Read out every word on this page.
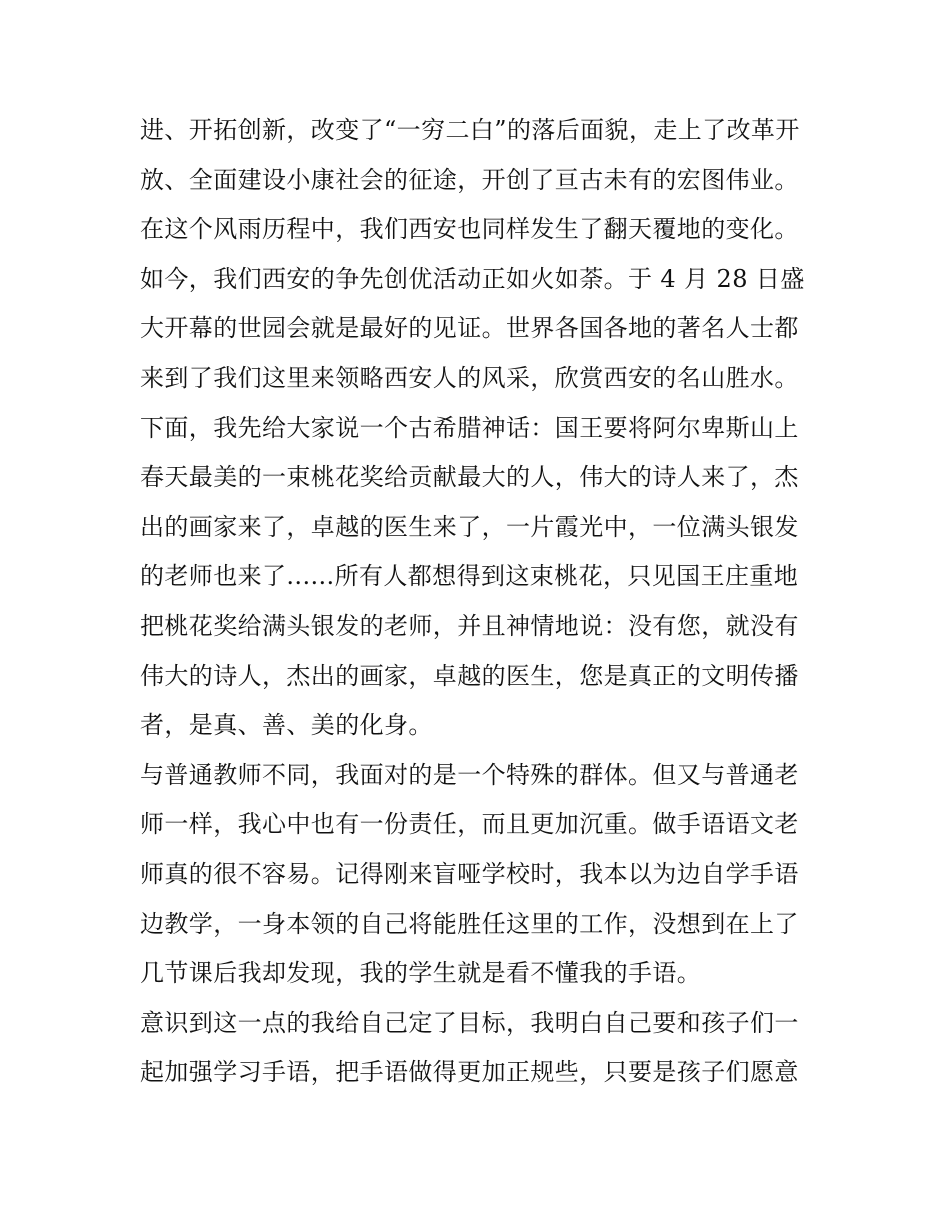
进、开拓创新，改变了“一穷二白”的落后面貌，走上了改革开
放、全面建设小康社会的征途，开创了亘古未有的宏图伟业。
在这个风雨历程中，我们西安也同样发生了翻天覆地的变化。
如今，我们西安的争先创优活动正如火如荼。于 4 月 28 日盛
大开幕的世园会就是最好的见证。世界各国各地的著名人士都
来到了我们这里来领略西安人的风采，欣赏西安的名山胜水。
下面，我先给大家说一个古希腊神话：国王要将阿尔卑斯山上
春天最美的一束桃花奖给贡献最大的人，伟大的诗人来了，杰
出的画家来了，卓越的医生来了，一片霞光中，一位满头银发
的老师也来了......所有人都想得到这束桃花，只见国王庄重地
把桃花奖给满头银发的老师，并且神情地说：没有您，就没有
伟大的诗人，杰出的画家，卓越的医生，您是真正的文明传播
者，是真、善、美的化身。
与普通教师不同，我面对的是一个特殊的群体。但又与普通老
师一样，我心中也有一份责任，而且更加沉重。做手语语文老
师真的很不容易。记得刚来盲哑学校时，我本以为边自学手语
边教学，一身本领的自己将能胜任这里的工作，没想到在上了
几节课后我却发现，我的学生就是看不懂我的手语。
意识到这一点的我给自己定了目标，我明白自己要和孩子们一
起加强学习手语，把手语做得更加正规些，只要是孩子们愿意
